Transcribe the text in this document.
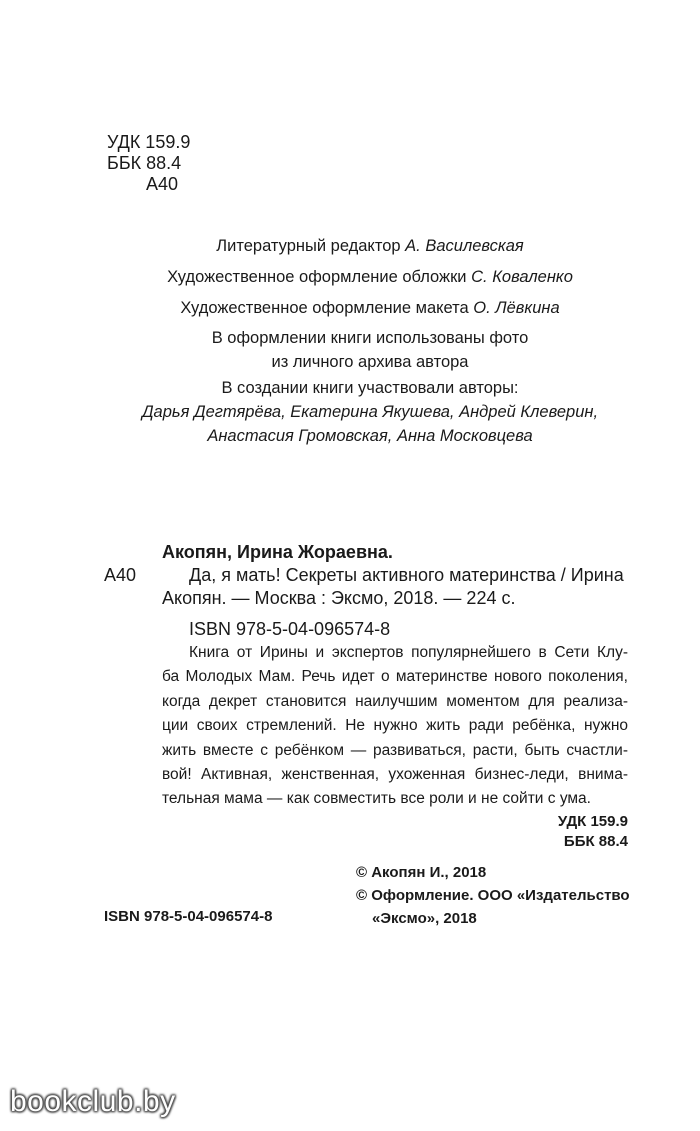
УДК 159.9
ББК 88.4
А40
Литературный редактор А. Василевская
Художественное оформление обложки С. Коваленко
Художественное оформление макета О. Лёвкина
В оформлении книги использованы фото
из личного архива автора
В создании книги участвовали авторы:
Дарья Дегтярёва, Екатерина Якушева, Андрей Клеверин,
Анастасия Громовская, Анна Московцева
Акопян, Ирина Жораевна.
А40	Да, я мать! Секреты активного материнства / Ирина
Акопян. — Москва : Эксмо, 2018. — 224 с.
ISBN 978-5-04-096574-8
Книга от Ирины и экспертов популярнейшего в Сети Клу-
ба Молодых Мам. Речь идет о материнстве нового поколения,
когда декрет становится наилучшим моментом для реализа-
ции своих стремлений. Не нужно жить ради ребёнка, нужно
жить вместе с ребёнком — развиваться, расти, быть счастли-
вой! Активная, женственная, ухоженная бизнес-леди, внима-
тельная мама — как совместить все роли и не сойти с ума.
УДК 159.9
ББК 88.4
ISBN 978-5-04-096574-8
© Акопян И., 2018
© Оформление. ООО «Издательство
«Эксмо», 2018
bookclub.by
